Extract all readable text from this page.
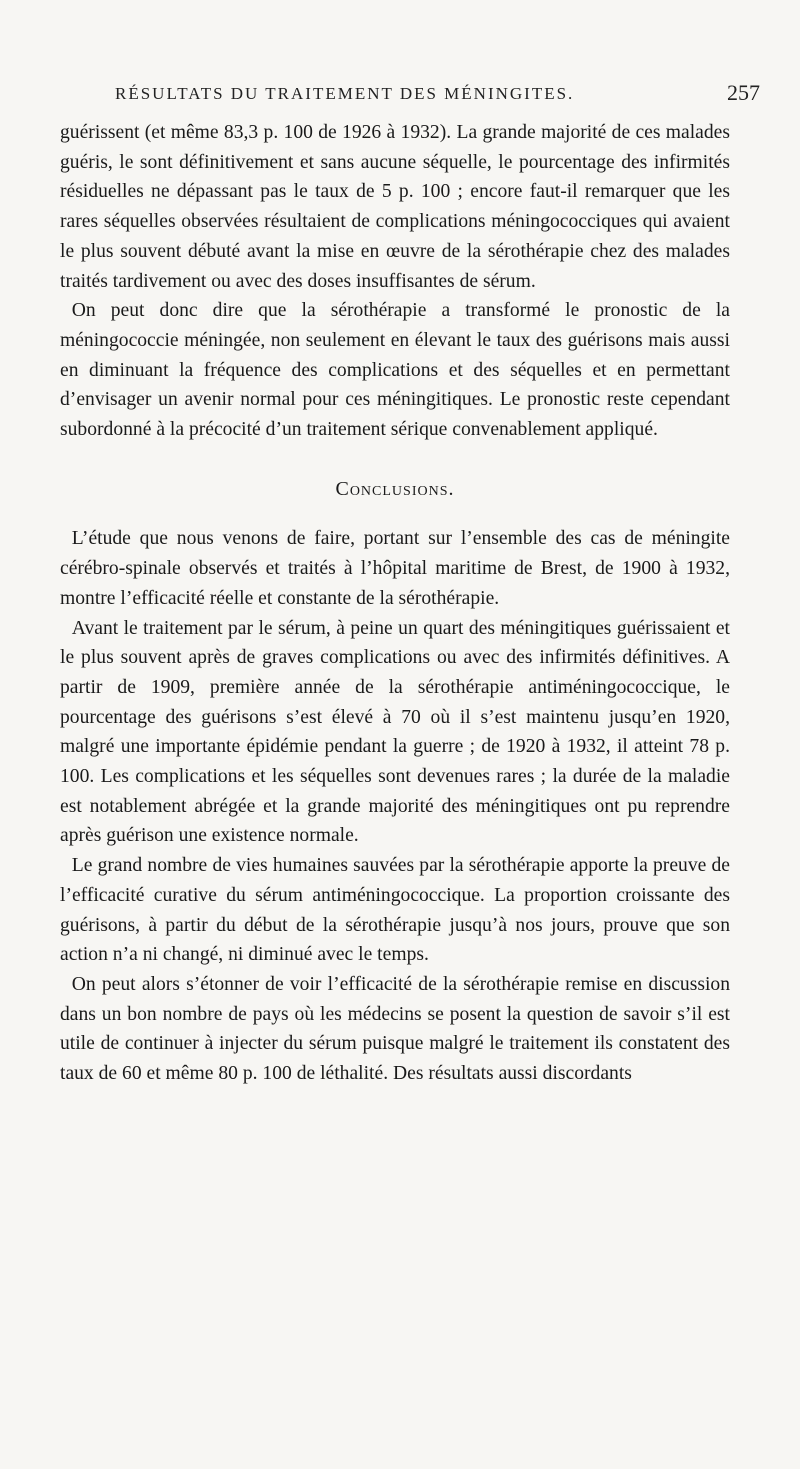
RÉSULTATS DU TRAITEMENT DES MÉNINGITES.	257

guérissent (et même 83,3 p. 100 de 1926 à 1932). La grande majorité de ces malades guéris, le sont définitivement et sans aucune séquelle, le pourcentage des infirmités résiduelles ne dépassant pas le taux de 5 p. 100 ; encore faut-il remarquer que les rares séquelles observées résultaient de complications méningococciques qui avaient le plus souvent débuté avant la mise en œuvre de la sérothérapie chez des malades traités tardivement ou avec des doses insuffisantes de sérum.

On peut donc dire que la sérothérapie a transformé le pronostic de la méningococcie méningée, non seulement en élevant le taux des guérisons mais aussi en diminuant la fréquence des complications et des séquelles et en permettant d’envisager un avenir normal pour ces méningitiques. Le pronostic reste cependant subordonné à la précocité d’un traitement sérique convenablement appliqué.

Conclusions.

L’étude que nous venons de faire, portant sur l’ensemble des cas de méningite cérébro-spinale observés et traités à l’hôpital maritime de Brest, de 1900 à 1932, montre l’efficacité réelle et constante de la sérothérapie.

Avant le traitement par le sérum, à peine un quart des méningitiques guérissaient et le plus souvent après de graves complications ou avec des infirmités définitives. A partir de 1909, première année de la sérothérapie antiméningococcique, le pourcentage des guérisons s’est élevé à 70 où il s’est maintenu jusqu’en 1920, malgré une importante épidémie pendant la guerre ; de 1920 à 1932, il atteint 78 p. 100. Les complications et les séquelles sont devenues rares ; la durée de la maladie est notablement abrégée et la grande majorité des méningitiques ont pu reprendre après guérison une existence normale.

Le grand nombre de vies humaines sauvées par la sérothérapie apporte la preuve de l’efficacité curative du sérum antiméningococcique. La proportion croissante des guérisons, à partir du début de la sérothérapie jusqu’à nos jours, prouve que son action n’a ni changé, ni diminué avec le temps.

On peut alors s’étonner de voir l’efficacité de la sérothérapie remise en discussion dans un bon nombre de pays où les médecins se posent la question de savoir s’il est utile de continuer à injecter du sérum puisque malgré le traitement ils constatent des taux de 60 et même 80 p. 100 de léthalité. Des résultats aussi discordants
